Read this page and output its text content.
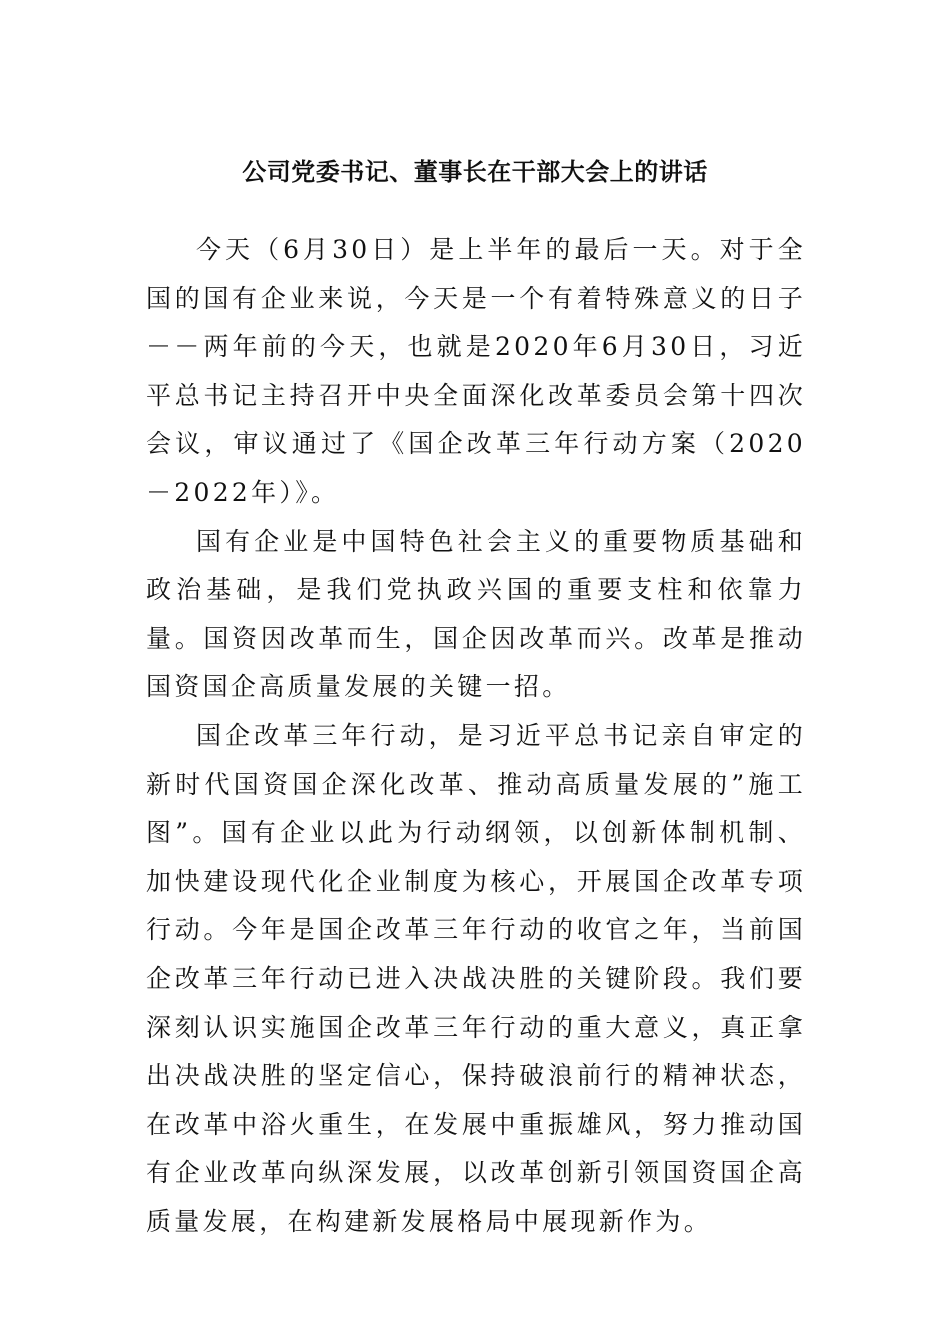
公司党委书记、董事长在干部大会上的讲话

今天（6月30日）是上半年的最后一天。对于全国的国有企业来说，今天是一个有着特殊意义的日子－－两年前的今天，也就是2020年6月30日，习近平总书记主持召开中央全面深化改革委员会第十四次会议，审议通过了《国企改革三年行动方案（2020－2022年）》。

国有企业是中国特色社会主义的重要物质基础和政治基础，是我们党执政兴国的重要支柱和依靠力量。国资因改革而生，国企因改革而兴。改革是推动国资国企高质量发展的关键一招。

国企改革三年行动，是习近平总书记亲自审定的新时代国资国企深化改革、推动高质量发展的”施工图”。国有企业以此为行动纲领，以创新体制机制、加快建设现代化企业制度为核心，开展国企改革专项行动。今年是国企改革三年行动的收官之年，当前国企改革三年行动已进入决战决胜的关键阶段。我们要深刻认识实施国企改革三年行动的重大意义，真正拿出决战决胜的坚定信心，保持破浪前行的精神状态，在改革中浴火重生，在发展中重振雄风，努力推动国有企业改革向纵深发展，以改革创新引领国资国企高质量发展，在构建新发展格局中展现新作为。
